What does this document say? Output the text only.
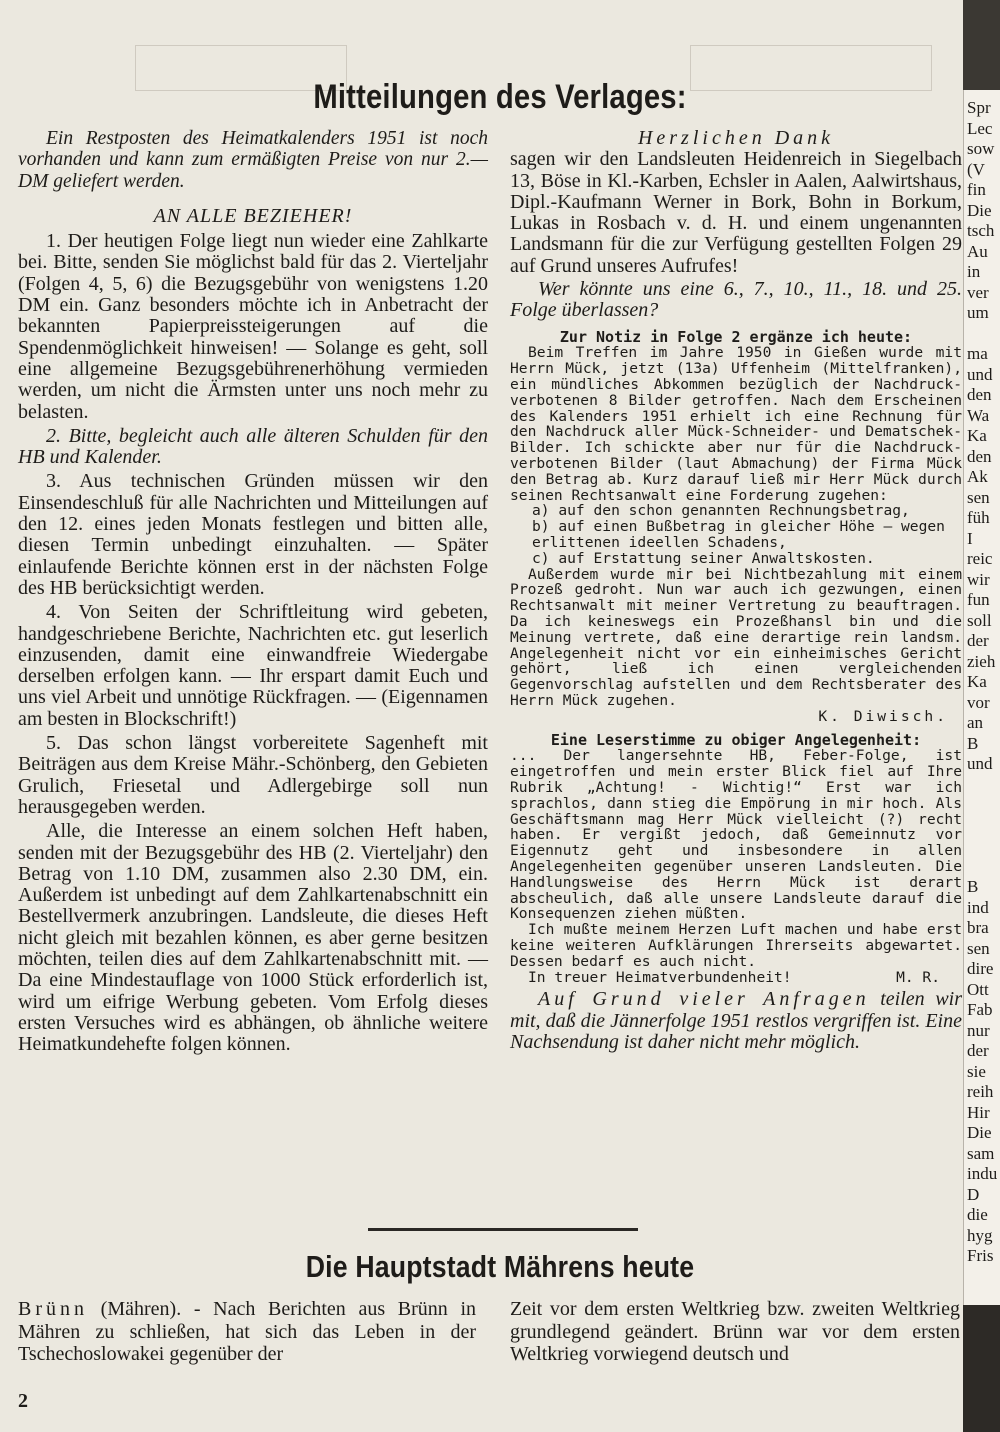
Spr
Lec
sow
(V
fin
Die
tsch
Au
in
ver
um
ma
und
den
Wa
Ka
den
Ak
sen
füh
I
reic
wir
fun
soll
der
zieh
Ka
vor
an
B
und
B
ind
bra
sen
dire
Ott
Fab
nur
der
sie
reih
Hir
Die
sam
indu
D
die
hyg
Fris
Mitteilungen des Verlages:

Ein Restposten des Heimatkalenders 1951 ist noch vorhanden und kann zum ermäßigten Preise von nur 2.— DM geliefert werden.

AN ALLE BEZIEHER!

1. Der heutigen Folge liegt nun wieder eine Zahlkarte bei. Bitte, senden Sie möglichst bald für das 2. Vierteljahr (Folgen 4, 5, 6) die Bezugsgebühr von wenigstens 1.20 DM ein. Ganz besonders möchte ich in Anbetracht der bekannten Papierpreissteigerungen auf die Spendenmöglichkeit hinweisen! — Solange es geht, soll eine allgemeine Bezugsgebührenerhöhung vermieden werden, um nicht die Ärmsten unter uns noch mehr zu belasten.

2. Bitte, begleicht auch alle älteren Schulden für den HB und Kalender.

3. Aus technischen Gründen müssen wir den Einsendeschluß für alle Nachrichten und Mitteilungen auf den 12. eines jeden Monats festlegen und bitten alle, diesen Termin unbedingt einzuhalten. — Später einlaufende Berichte können erst in der nächsten Folge des HB berücksichtigt werden.

4. Von Seiten der Schriftleitung wird gebeten, handgeschriebene Berichte, Nachrichten etc. gut leserlich einzusenden, damit eine einwandfreie Wiedergabe derselben erfolgen kann. — Ihr erspart damit Euch und uns viel Arbeit und unnötige Rückfragen. — (Eigennamen am besten in Blockschrift!)

5. Das schon längst vorbereitete Sagenheft mit Beiträgen aus dem Kreise Mähr.-Schönberg, den Gebieten Grulich, Friesetal und Adlergebirge soll nun herausgegeben werden.

Alle, die Interesse an einem solchen Heft haben, senden mit der Bezugsgebühr des HB (2. Vierteljahr) den Betrag von 1.10 DM, zusammen also 2.30 DM, ein. Außerdem ist unbedingt auf dem Zahlkartenabschnitt ein Bestellvermerk anzubringen. Landsleute, die dieses Heft nicht gleich mit bezahlen können, es aber gerne besitzen möchten, teilen dies auf dem Zahlkartenabschnitt mit. — Da eine Mindestauflage von 1000 Stück erforderlich ist, wird um eifrige Werbung gebeten. Vom Erfolg dieses ersten Versuches wird es abhängen, ob ähnliche weitere Heimatkundehefte folgen können.

Herzlichen Dank

sagen wir den Landsleuten Heidenreich in Siegelbach 13, Böse in Kl.-Karben, Echsler in Aalen, Aalwirtshaus, Dipl.-Kaufmann Werner in Bork, Bohn in Borkum, Lukas in Rosbach v. d. H. und einem ungenannten Landsmann für die zur Verfügung gestellten Folgen 29 auf Grund unseres Aufrufes!

Wer könnte uns eine 6., 7., 10., 11., 18. und 25. Folge überlassen?

Zur Notiz in Folge 2 ergänze ich heute:

Beim Treffen im Jahre 1950 in Gießen wurde mit Herrn Mück, jetzt (13a) Uffenheim (Mittelfranken), ein mündliches Abkommen bezüglich der Nachdruck-verbotenen 8 Bilder getroffen. Nach dem Erscheinen des Kalenders 1951 erhielt ich eine Rechnung für den Nachdruck aller Mück-Schneider- und Dematschek-Bilder. Ich schickte aber nur für die Nachdruck-verbotenen Bilder (laut Abmachung) der Firma Mück den Betrag ab. Kurz darauf ließ mir Herr Mück durch seinen Rechtsanwalt eine Forderung zugehen:

a) auf den schon genannten Rechnungsbetrag,

b) auf einen Bußbetrag in gleicher Höhe — wegen erlittenen ideellen Schadens,

c) auf Erstattung seiner Anwaltskosten.

Außerdem wurde mir bei Nichtbezahlung mit einem Prozeß gedroht. Nun war auch ich gezwungen, einen Rechtsanwalt mit meiner Vertretung zu beauftragen. Da ich keineswegs ein Prozeßhansl bin und die Meinung vertrete, daß eine derartige rein landsm. Angelegenheit nicht vor ein einheimisches Gericht gehört, ließ ich einen vergleichenden Gegenvorschlag aufstellen und dem Rechtsberater des Herrn Mück zugehen.

K. Diwisch.

Eine Leserstimme zu obiger Angelegenheit:

... Der langersehnte HB, Feber-Folge, ist eingetroffen und mein erster Blick fiel auf Ihre Rubrik „Achtung! - Wichtig!“ Erst war ich sprachlos, dann stieg die Empörung in mir hoch. Als Geschäftsmann mag Herr Mück vielleicht (?) recht haben. Er vergißt jedoch, daß Gemeinnutz vor Eigennutz geht und insbesondere in allen Angelegenheiten gegenüber unseren Landsleuten. Die Handlungsweise des Herrn Mück ist derart abscheulich, daß alle unsere Landsleute darauf die Konsequenzen ziehen müßten.

Ich mußte meinem Herzen Luft machen und habe erst keine weiteren Aufklärungen Ihrerseits abgewartet. Dessen bedarf es auch nicht.

In treuer Heimatverbundenheit!	M. R.

Auf Grund vieler Anfragen teilen wir mit, daß die Jännerfolge 1951 restlos vergriffen ist. Eine Nachsendung ist daher nicht mehr möglich.

Die Hauptstadt Mährens heute
Brünn (Mähren). - Nach Berichten aus Brünn in Mähren zu schließen, hat sich das Leben in der Tschechoslowakei gegenüber der
Zeit vor dem ersten Weltkrieg bzw. zweiten Weltkrieg grundlegend geändert. Brünn war vor dem ersten Weltkrieg vorwiegend deutsch und
2
